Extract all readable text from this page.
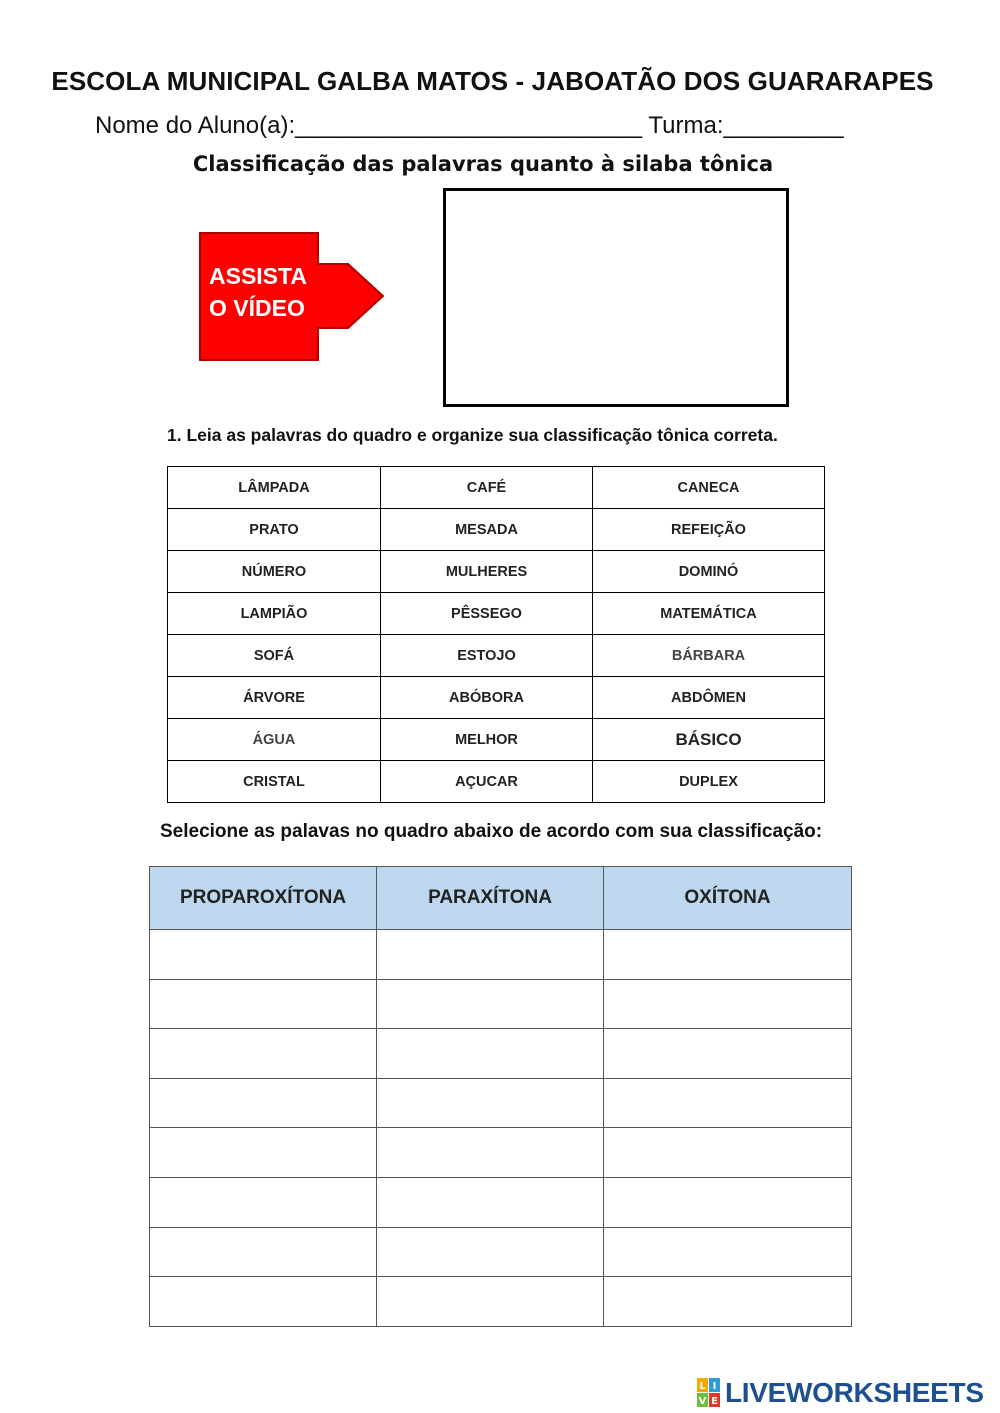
ESCOLA MUNICIPAL GALBA MATOS - JABOATÃO DOS GUARARAPES
Nome do Aluno(a):__________________________ Turma:_________
Classificação das palavras quanto à silaba tônica
ASSISTA
O VÍDEO
1. Leia as palavras do quadro e organize sua classificação tônica correta.
LÂMPADA	CAFÉ	CANECA
PRATO	MESADA	REFEIÇÃO
NÚMERO	MULHERES	DOMINÓ
LAMPIÃO	PÊSSEGO	MATEMÁTICA
SOFÁ	ESTOJO	BÁRBARA
ÁRVORE	ABÓBORA	ABDÔMEN
ÁGUA	MELHOR	BÁSICO
CRISTAL	AÇUCAR	DUPLEX
Selecione as palavas no quadro abaixo de acordo com sua classificação:
PROPAROXÍTONA	PARAXÍTONA	OXÍTONA

L I
V E LIVEWORKSHEETS
